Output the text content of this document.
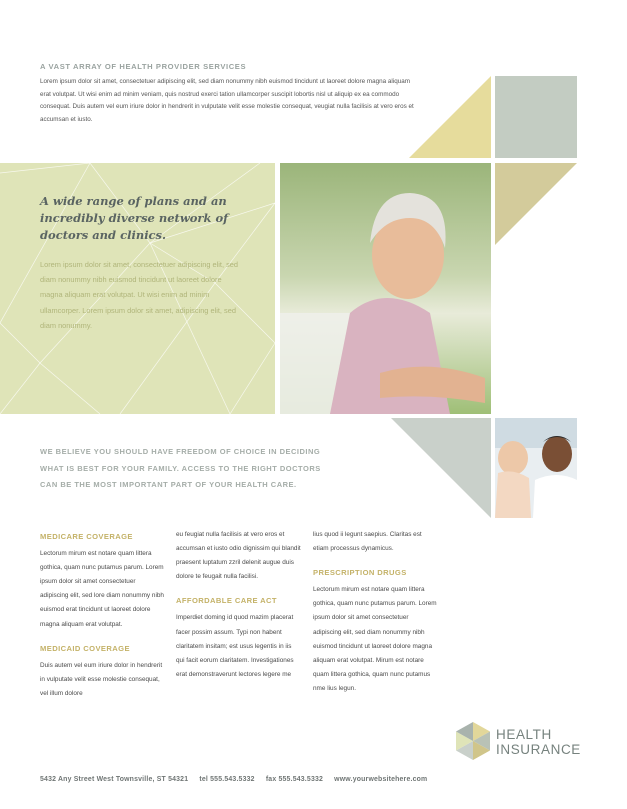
A VAST ARRAY OF HEALTH PROVIDER SERVICES

Lorem ipsum dolor sit amet, consectetuer adipiscing elit, sed diam nonummy nibh euismod tincidunt ut laoreet dolore magna aliquam erat volutpat. Ut wisi enim ad minim veniam, quis nostrud exerci tation ullamcorper suscipit lobortis nisl ut aliquip ex ea commodo consequat. Duis autem vel eum iriure dolor in hendrerit in vulputate velit esse molestie consequat, veugiat nulla facilisis at vero eros et accumsan et iusto.

A wide range of plans and an incredibly diverse network of doctors and clinics.

Lorem ipsum dolor sit amet, consectetuer adipiscing elit, sed diam nonummy nibh euismod tincidunt ut laoreet dolore magna aliquam erat volutpat. Ut wisi enim ad minim ullamcorper. Lorem ipsum dolor sit amet, adipiscing elit, sed diam nonummy.

WE BELIEVE YOU SHOULD HAVE FREEDOM OF CHOICE IN DECIDING WHAT IS BEST FOR YOUR FAMILY. ACCESS TO THE RIGHT DOCTORS CAN BE THE MOST IMPORTANT PART OF YOUR HEALTH CARE.

MEDICARE COVERAGE

Lectorum mirum est notare quam littera gothica, quam nunc putamus parum. Lorem ipsum dolor sit amet consectetuer adipiscing elit, sed lore diam nonummy nibh euismod erat tincidunt ut laoreet dolore magna aliquam erat volutpat.

MEDICAID COVERAGE

Duis autem vel eum iriure dolor in hendrerit in vulputate velit esse molestie consequat, vel illum dolore

eu feugiat nulla facilisis at vero eros et accumsan et iusto odio dignissim qui blandit praesent luptatum zzril delenit augue duis dolore te feugait nulla facilisi.

AFFORDABLE CARE ACT

Imperdiet doming id quod mazim placerat facer possim assum. Typi non habent claritatem insitam; est usus legentis in iis qui facit eorum claritatem. Investigationes erat demonstraverunt lectores legere me

lius quod ii legunt saepius. Claritas est etiam processus dynamicus.

PRESCRIPTION DRUGS

Lectorum mirum est notare quam littera gothica, quam nunc putamus parum. Lorem ipsum dolor sit amet consectetuer adipiscing elit, sed diam nonummy nibh euismod tincidunt ut laoreet dolore magna aliquam erat volutpat. Mirum est notare quam littera gothica, quam nunc putamus nme lius legun.

HEALTH
INSURANCE
5432 Any Street West Townsville, ST 54321 tel 555.543.5332 fax 555.543.5332 www.yourwebsitehere.com
